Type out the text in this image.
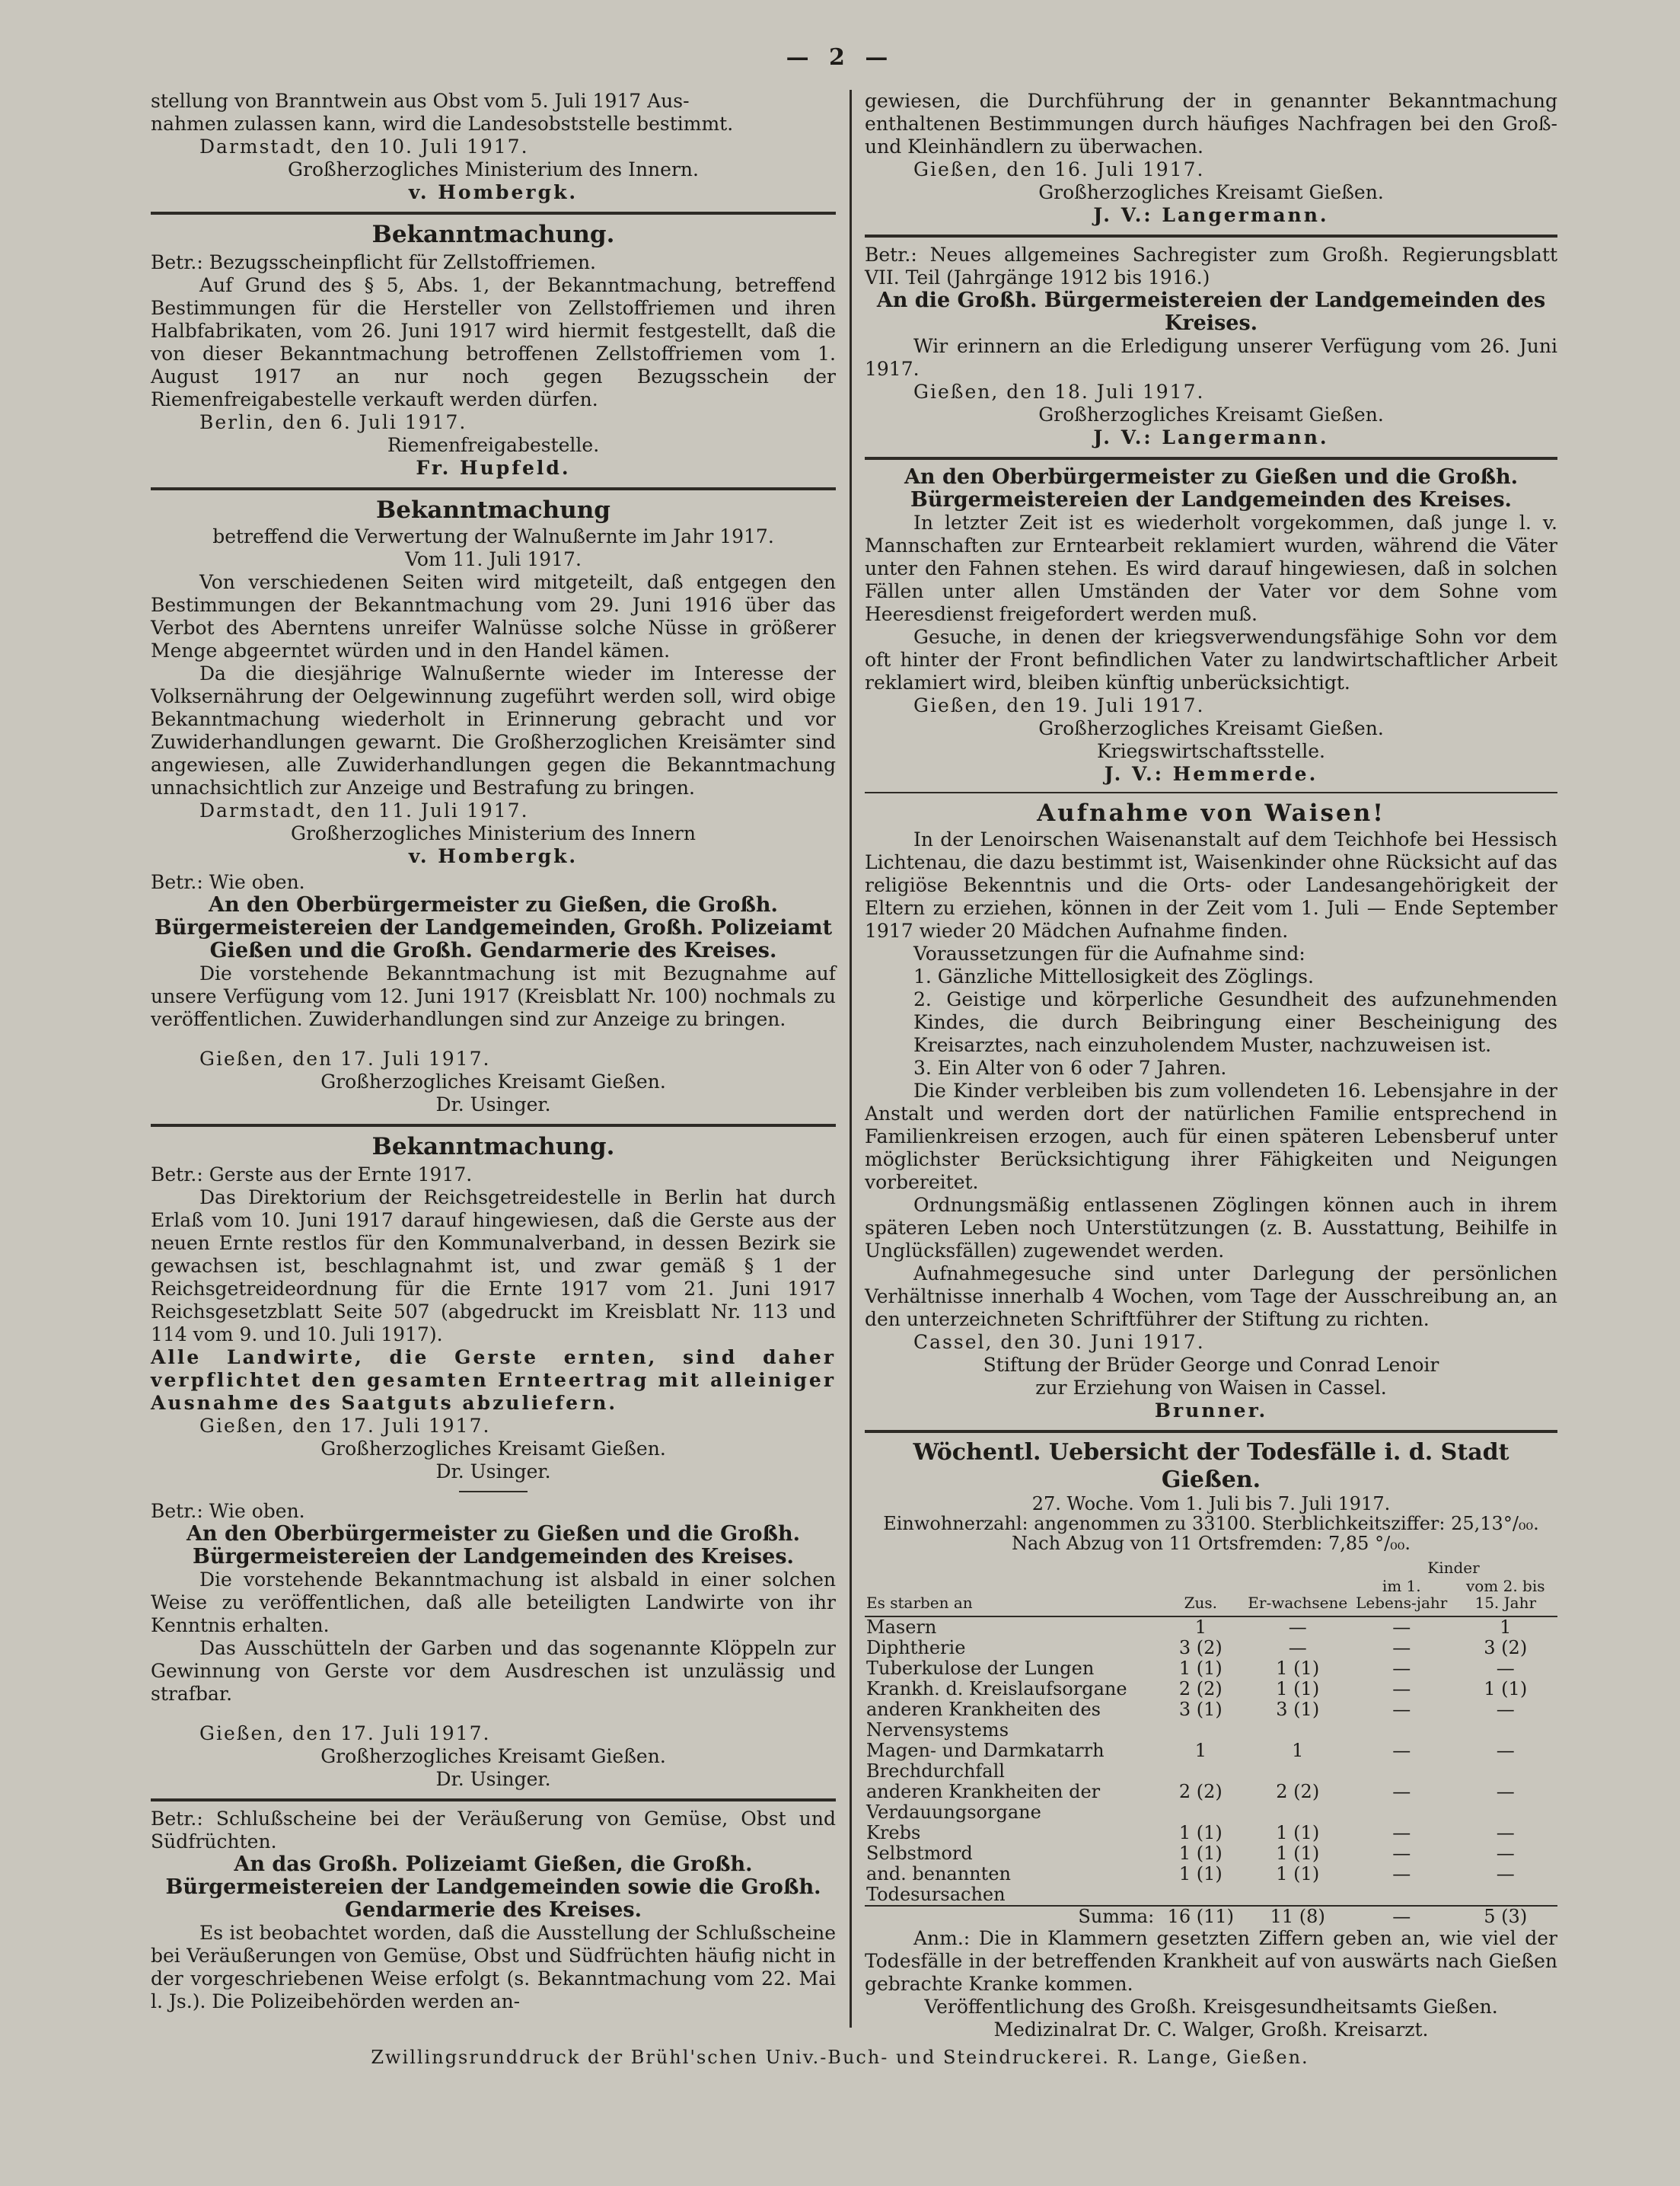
— 2 —

stellung von Branntwein aus Obst vom 5. Juli 1917 Aus-

nahmen zulassen kann, wird die Landesobststelle bestimmt.

Darmstadt, den 10. Juli 1917.

Großherzogliches Ministerium des Innern.

v. Hombergk.

Bekanntmachung.

Betr.: Bezugsscheinpflicht für Zellstoffriemen.

Auf Grund des § 5, Abs. 1, der Bekanntmachung, betreffend Bestimmungen für die Hersteller von Zellstoffriemen und ihren Halbfabrikaten, vom 26. Juni 1917 wird hiermit festgestellt, daß die von dieser Bekanntmachung betroffenen Zellstoffriemen vom 1. August 1917 an nur noch gegen Bezugsschein der Riemenfreigabestelle verkauft werden dürfen.

Berlin, den 6. Juli 1917.

Riemenfreigabestelle.

Fr. Hupfeld.

Bekanntmachung

betreffend die Verwertung der Walnußernte im Jahr 1917.

Vom 11. Juli 1917.

Von verschiedenen Seiten wird mitgeteilt, daß entgegen den Bestimmungen der Bekanntmachung vom 29. Juni 1916 über das Verbot des Aberntens unreifer Walnüsse solche Nüsse in größerer Menge abgeerntet würden und in den Handel kämen.

Da die diesjährige Walnußernte wieder im Interesse der Volksernährung der Oelgewinnung zugeführt werden soll, wird obige Bekanntmachung wiederholt in Erinnerung gebracht und vor Zuwiderhandlungen gewarnt. Die Großherzoglichen Kreisämter sind angewiesen, alle Zuwiderhandlungen gegen die Bekanntmachung unnachsichtlich zur Anzeige und Bestrafung zu bringen.

Darmstadt, den 11. Juli 1917.

Großherzogliches Ministerium des Innern

v. Hombergk.

Betr.: Wie oben.

An den Oberbürgermeister zu Gießen, die Großh. Bürgermeistereien der Landgemeinden, Großh. Polizeiamt Gießen und die Großh. Gendarmerie des Kreises.

Die vorstehende Bekanntmachung ist mit Bezugnahme auf unsere Verfügung vom 12. Juni 1917 (Kreisblatt Nr. 100) nochmals zu veröffentlichen. Zuwiderhandlungen sind zur Anzeige zu bringen.

Gießen, den 17. Juli 1917.

Großherzogliches Kreisamt Gießen.

Dr. Usinger.

Bekanntmachung.

Betr.: Gerste aus der Ernte 1917.

Das Direktorium der Reichsgetreidestelle in Berlin hat durch Erlaß vom 10. Juni 1917 darauf hingewiesen, daß die Gerste aus der neuen Ernte restlos für den Kommunalverband, in dessen Bezirk sie gewachsen ist, beschlagnahmt ist, und zwar gemäß § 1 der Reichsgetreideordnung für die Ernte 1917 vom 21. Juni 1917 Reichsgesetzblatt Seite 507 (abgedruckt im Kreisblatt Nr. 113 und 114 vom 9. und 10. Juli 1917).

Alle Landwirte, die Gerste ernten, sind daher verpflichtet den gesamten Ernteertrag mit alleiniger Ausnahme des Saatguts abzuliefern.

Gießen, den 17. Juli 1917.

Großherzogliches Kreisamt Gießen.

Dr. Usinger.

Betr.: Wie oben.

An den Oberbürgermeister zu Gießen und die Großh. Bürgermeistereien der Landgemeinden des Kreises.

Die vorstehende Bekanntmachung ist alsbald in einer solchen Weise zu veröffentlichen, daß alle beteiligten Landwirte von ihr Kenntnis erhalten.

Das Ausschütteln der Garben und das sogenannte Klöppeln zur Gewinnung von Gerste vor dem Ausdreschen ist unzulässig und strafbar.

Gießen, den 17. Juli 1917.

Großherzogliches Kreisamt Gießen.

Dr. Usinger.

Betr.: Schlußscheine bei der Veräußerung von Gemüse, Obst und Südfrüchten.

An das Großh. Polizeiamt Gießen, die Großh. Bürgermeistereien der Landgemeinden sowie die Großh. Gendarmerie des Kreises.

Es ist beobachtet worden, daß die Ausstellung der Schlußscheine bei Veräußerungen von Gemüse, Obst und Südfrüchten häufig nicht in der vorgeschriebenen Weise erfolgt (s. Bekanntmachung vom 22. Mai l. Js.). Die Polizeibehörden werden an-

gewiesen, die Durchführung der in genannter Bekanntmachung enthaltenen Bestimmungen durch häufiges Nachfragen bei den Groß- und Kleinhändlern zu überwachen.

Gießen, den 16. Juli 1917.

Großherzogliches Kreisamt Gießen.

J. V.: Langermann.

Betr.: Neues allgemeines Sachregister zum Großh. Regierungsblatt VII. Teil (Jahrgänge 1912 bis 1916.)

An die Großh. Bürgermeistereien der Landgemeinden des Kreises.

Wir erinnern an die Erledigung unserer Verfügung vom 26. Juni 1917.

Gießen, den 18. Juli 1917.

Großherzogliches Kreisamt Gießen.

J. V.: Langermann.

An den Oberbürgermeister zu Gießen und die Großh. Bürgermeistereien der Landgemeinden des Kreises.

In letzter Zeit ist es wiederholt vorgekommen, daß junge l. v. Mannschaften zur Erntearbeit reklamiert wurden, während die Väter unter den Fahnen stehen. Es wird darauf hingewiesen, daß in solchen Fällen unter allen Umständen der Vater vor dem Sohne vom Heeresdienst freigefordert werden muß.

Gesuche, in denen der kriegsverwendungsfähige Sohn vor dem oft hinter der Front befindlichen Vater zu landwirtschaftlicher Arbeit reklamiert wird, bleiben künftig unberücksichtigt.

Gießen, den 19. Juli 1917.

Großherzogliches Kreisamt Gießen.

Kriegswirtschaftsstelle.

J. V.: Hemmerde.

Aufnahme von Waisen!

In der Lenoirschen Waisenanstalt auf dem Teichhofe bei Hessisch Lichtenau, die dazu bestimmt ist, Waisenkinder ohne Rücksicht auf das religiöse Bekenntnis und die Orts- oder Landesangehörigkeit der Eltern zu erziehen, können in der Zeit vom 1. Juli — Ende September 1917 wieder 20 Mädchen Aufnahme finden.

Voraussetzungen für die Aufnahme sind:

1. Gänzliche Mittellosigkeit des Zöglings.

2. Geistige und körperliche Gesundheit des aufzunehmenden Kindes, die durch Beibringung einer Bescheinigung des Kreisarztes, nach einzuholendem Muster, nachzuweisen ist.

3. Ein Alter von 6 oder 7 Jahren.

Die Kinder verbleiben bis zum vollendeten 16. Lebensjahre in der Anstalt und werden dort der natürlichen Familie entsprechend in Familienkreisen erzogen, auch für einen späteren Lebensberuf unter möglichster Berücksichtigung ihrer Fähigkeiten und Neigungen vorbereitet.

Ordnungsmäßig entlassenen Zöglingen können auch in ihrem späteren Leben noch Unterstützungen (z. B. Ausstattung, Beihilfe in Unglücksfällen) zugewendet werden.

Aufnahmegesuche sind unter Darlegung der persönlichen Verhältnisse innerhalb 4 Wochen, vom Tage der Ausschreibung an, an den unterzeichneten Schriftführer der Stiftung zu richten.

Cassel, den 30. Juni 1917.

Stiftung der Brüder George und Conrad Lenoir

zur Erziehung von Waisen in Cassel.

Brunner.

Wöchentl. Uebersicht der Todesfälle i. d. Stadt Gießen.
27. Woche. Vom 1. Juli bis 7. Juli 1917.
Einwohnerzahl: angenommen zu 33100. Sterblichkeitsziffer: 25,13°/₀₀.
Nach Abzug von 11 Ortsfremden: 7,85 °/₀₀.
Es starben an	Zus.	Er-wachsene	Kinder	
			im 1. Lebens-jahr	vom 2. bis 15. Jahr
Masern	1	—	—	1
Diphtherie	3 (2)	—	—	3 (2)
Tuberkulose der Lungen	1 (1)	1 (1)	—	—
Krankh. d. Kreislaufsorgane	2 (2)	1 (1)	—	1 (1)
anderen Krankheiten des Nervensystems	3 (1)	3 (1)	—	—
Magen- und Darmkatarrh Brechdurchfall	1	1	—	—
anderen Krankheiten der Verdauungsorgane	2 (2)	2 (2)	—	—
Krebs	1 (1)	1 (1)	—	—
Selbstmord	1 (1)	1 (1)	—	—
and. benannten Todesursachen	1 (1)	1 (1)	—	—
Summa:	16 (11)	11 (8)	—	5 (3)

Anm.: Die in Klammern gesetzten Ziffern geben an, wie viel der Todesfälle in der betreffenden Krankheit auf von auswärts nach Gießen gebrachte Kranke kommen.

Veröffentlichung des Großh. Kreisgesundheitsamts Gießen.

Medizinalrat Dr. C. Walger, Großh. Kreisarzt.

Zwillingsrunddruck der Brühl'schen Univ.-Buch- und Steindruckerei. R. Lange, Gießen.
